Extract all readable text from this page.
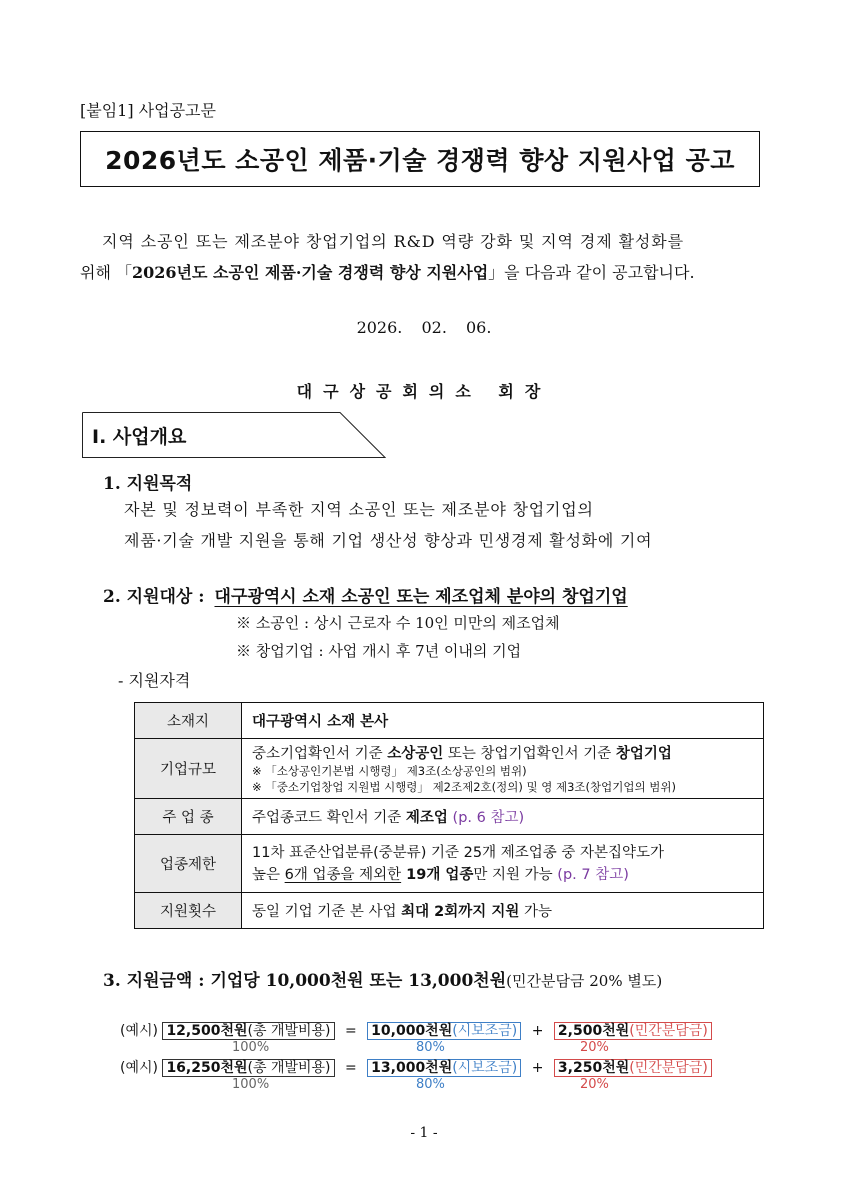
[붙임1] 사업공고문
2026년도 소공인 제품·기술 경쟁력 향상 지원사업 공고
지역 소공인 또는 제조분야 창업기업의 R&D 역량 강화 및 지역 경제 활성화를
위해 「2026년도 소공인 제품·기술 경쟁력 향상 지원사업」을 다음과 같이 공고합니다.
2026. 02. 06.
대구상공회의소 회장
I. 사업개요
1. 지원목적
자본 및 정보력이 부족한 지역 소공인 또는 제조분야 창업기업의
제품·기술 개발 지원을 통해 기업 생산성 향상과 민생경제 활성화에 기여
2. 지원대상 : 대구광역시 소재 소공인 또는 제조업체 분야의 창업기업
※ 소공인 : 상시 근로자 수 10인 미만의 제조업체
※ 창업기업 : 사업 개시 후 7년 이내의 기업
- 지원자격
소재지	대구광역시 소재 본사
기업규모	중소기업확인서 기준 소상공인 또는 창업기업확인서 기준 창업기업
※ 「소상공인기본법 시행령」 제3조(소상공인의 범위)
※ 「중소기업창업 지원법 시행령」 제2조제2호(정의) 및 영 제3조(창업기업의 범위)

주 업 종	주업종코드 확인서 기준 제조업 (p. 6 참고)
업종제한	11차 표준산업분류(중분류) 기준 25개 제조업종 중 자본집약도가
높은 6개 업종을 제외한 19개 업종만 지원 가능 (p. 7 참고)

지원횟수	동일 기업 기준 본 사업 최대 2회까지 지원 가능
3. 지원금액 : 기업당 10,000천원 또는 13,000천원(민간분담금 20% 별도)
(예시) 12,500천원(총 개발비용) = 10,000천원(시보조금) + 2,500천원(민간분담금)
100%	80%	20%
(예시) 16,250천원(총 개발비용) = 13,000천원(시보조금) + 3,250천원(민간분담금)
100%	80%	20%
- 1 -
